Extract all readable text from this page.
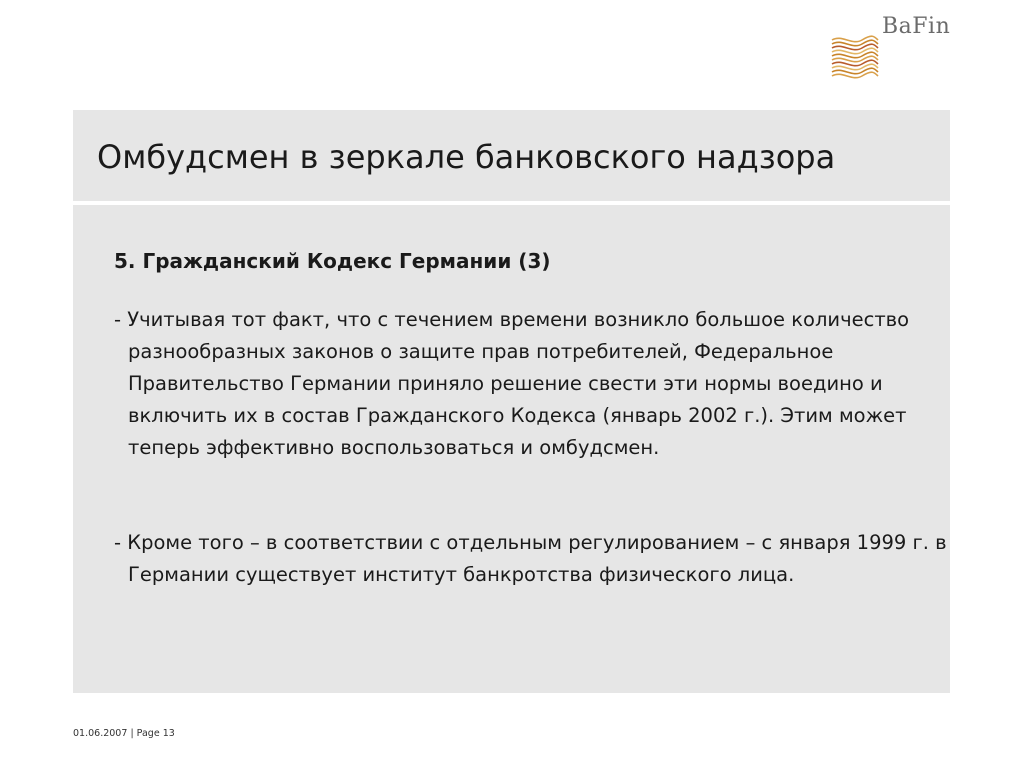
BaFin
Омбудсмен в зеркале банковского надзора
5. Гражданский Кодекс Германии (3)

- Учитывая тот факт, что с течением времени возникло большое количество разнообразных законов о защите прав потребителей, Федеральное Правительство Германии приняло решение свести эти нормы воедино и включить их в состав Гражданского Кодекса (январь 2002 г.). Этим может теперь эффективно воспользоваться и омбудсмен.

- Кроме того – в соответствии с отдельным регулированием – с января 1999 г. в Германии существует институт банкротства физического лица.

01.06.2007 | Page 13
